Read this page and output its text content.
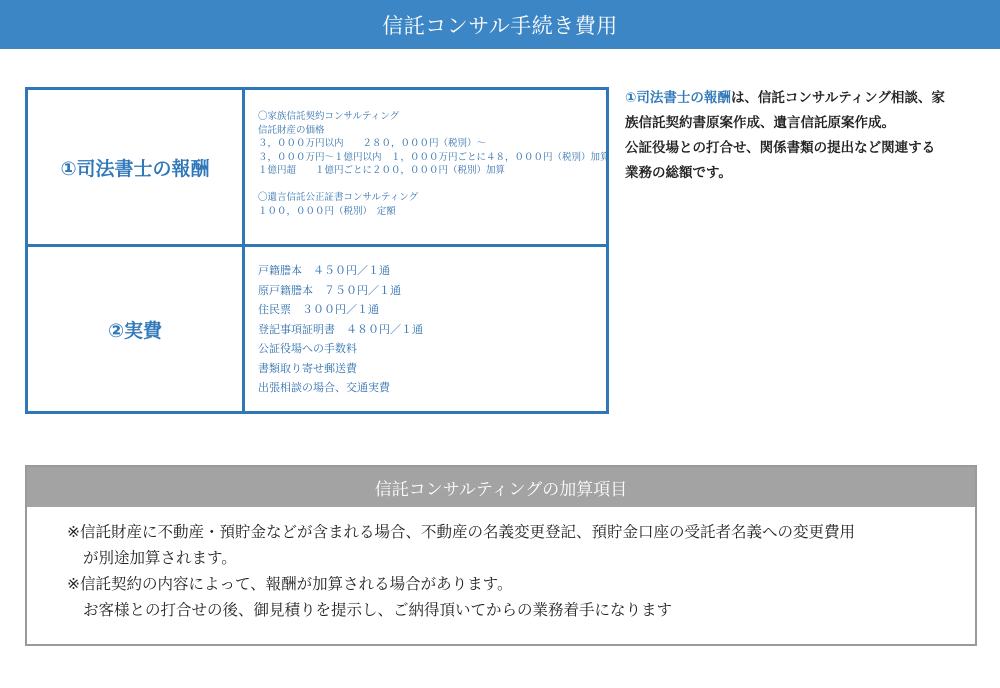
信託コンサル手続き費用
①司法書士の報酬
〇家族信託契約コンサルティング
信託財産の価格
３，０００万円以内　　２８０，０００円（税別）～
３，０００万円～１億円以内　１，０００万円ごとに４８，０００円（税別）加算
１億円超　　１億円ごとに２００，０００円（税別）加算
〇遺言信託公正証書コンサルティング
１００，０００円（税別）　定額
②実費
戸籍謄本　４５０円／１通
原戸籍謄本　７５０円／１通
住民票　３００円／１通
登記事項証明書　４８０円／１通
公証役場への手数料
書類取り寄せ郵送費
出張相談の場合、交通実費
①司法書士の報酬は、信託コンサルティング相談、家
族信託契約書原案作成、遺言信託原案作成。
公証役場との打合せ、関係書類の提出など関連する
業務の総額です。
信託コンサルティングの加算項目
※信託財産に不動産・預貯金などが含まれる場合、不動産の名義変更登記、預貯金口座の受託者名義への変更費用
が別途加算されます。
※信託契約の内容によって、報酬が加算される場合があります。
お客様との打合せの後、御見積りを提示し、ご納得頂いてからの業務着手になります
